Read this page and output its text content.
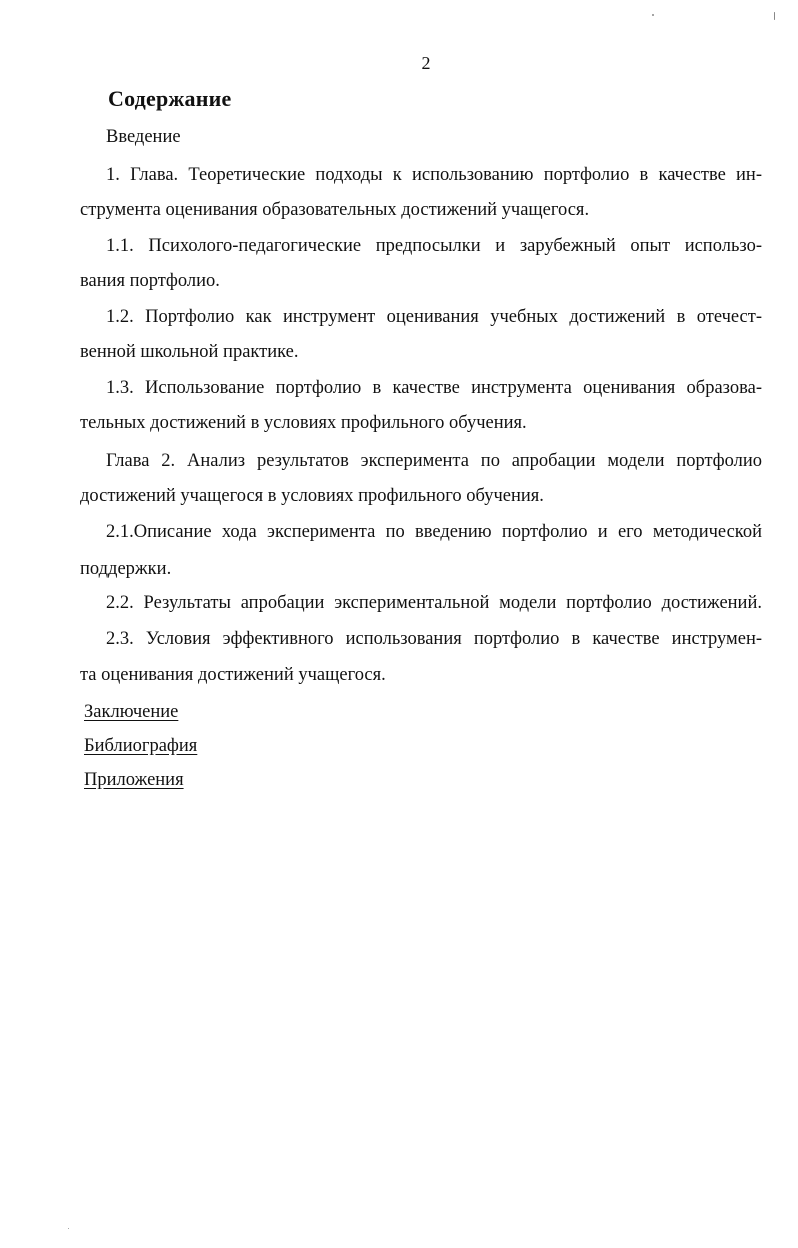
2
Содержание
Введение
1. Глава. Теоретические подходы к использованию портфолио в качестве ин-
струмента оценивания образовательных достижений учащегося.
1.1. Психолого-педагогические предпосылки и зарубежный опыт использо-
вания портфолио.
1.2. Портфолио как инструмент оценивания учебных достижений в отечест-
венной школьной практике.
1.3. Использование портфолио в качестве инструмента оценивания образова-
тельных достижений в условиях профильного обучения.
Глава 2. Анализ результатов эксперимента по апробации модели портфолио
достижений учащегося в условиях профильного обучения.
2.1.Описание хода эксперимента по введению портфолио и его методической
поддержки.
2.2. Результаты апробации экспериментальной модели портфолио достижений.
2.3. Условия эффективного использования портфолио в качестве инструмен-
та оценивания достижений учащегося.
Заключение
Библиография
Приложения
